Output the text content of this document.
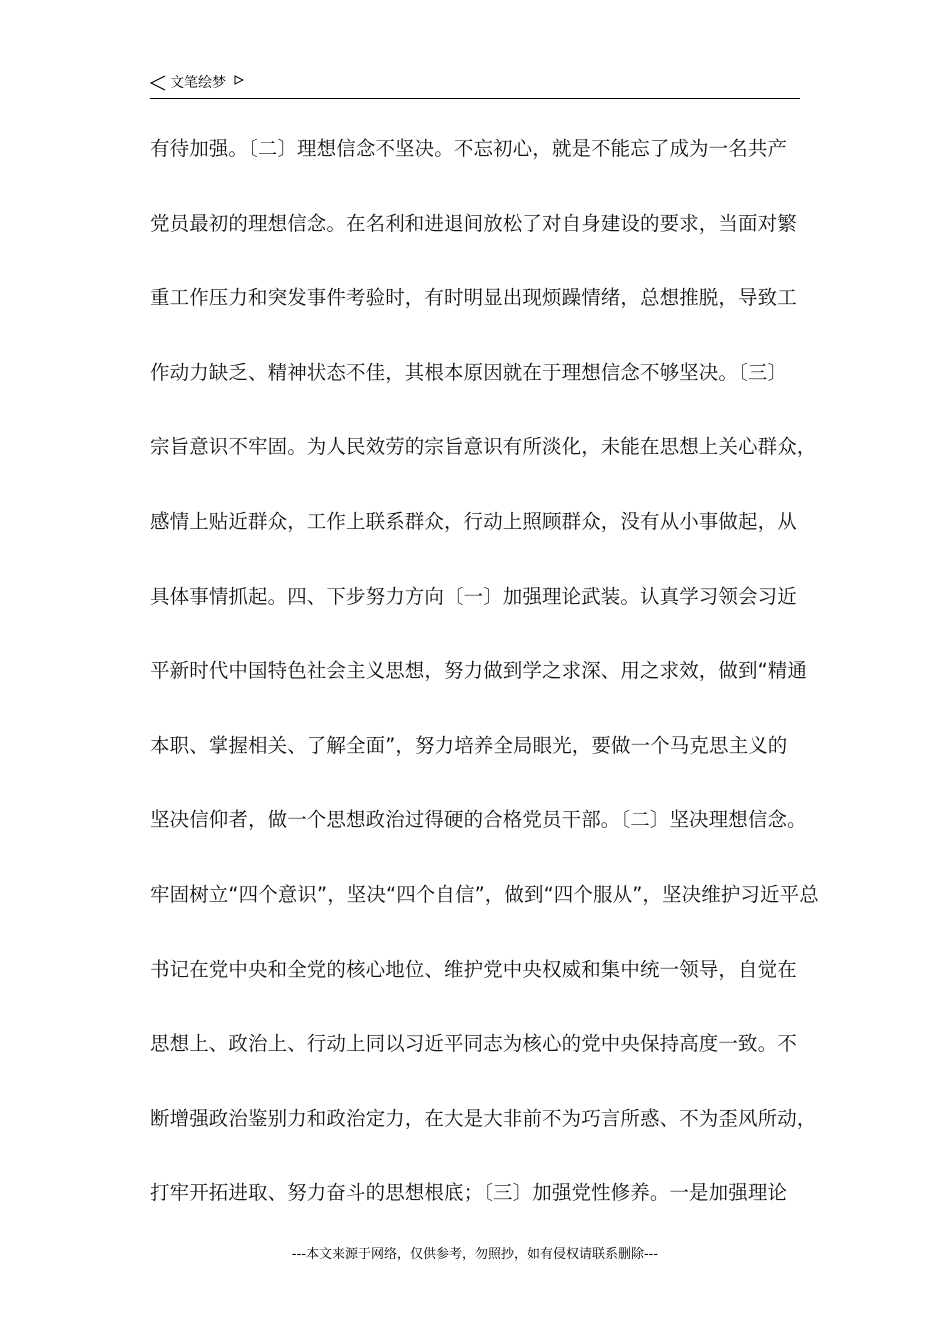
文笔绘梦
有待加强。〔二〕理想信念不坚决。不忘初心，就是不能忘了成为一名共产
党员最初的理想信念。在名利和进退间放松了对自身建设的要求，当面对繁
重工作压力和突发事件考验时，有时明显出现烦躁情绪，总想推脱，导致工
作动力缺乏、精神状态不佳，其根本原因就在于理想信念不够坚决。〔三〕
宗旨意识不牢固。为人民效劳的宗旨意识有所淡化，未能在思想上关心群众，
感情上贴近群众，工作上联系群众，行动上照顾群众，没有从小事做起，从
具体事情抓起。四、下步努力方向〔一〕加强理论武装。认真学习领会习近
平新时代中国特色社会主义思想，努力做到学之求深、用之求效，做到“精通
本职、掌握相关、了解全面”，努力培养全局眼光，要做一个马克思主义的
坚决信仰者，做一个思想政治过得硬的合格党员干部。〔二〕坚决理想信念。
牢固树立“四个意识”，坚决“四个自信”，做到“四个服从”，坚决维护习近平总
书记在党中央和全党的核心地位、维护党中央权威和集中统一领导，自觉在
思想上、政治上、行动上同以习近平同志为核心的党中央保持高度一致。不
断增强政治鉴别力和政治定力，在大是大非前不为巧言所惑、不为歪风所动，
打牢开拓进取、努力奋斗的思想根底；〔三〕加强党性修养。一是加强理论
---本文来源于网络，仅供参考，勿照抄，如有侵权请联系删除---
